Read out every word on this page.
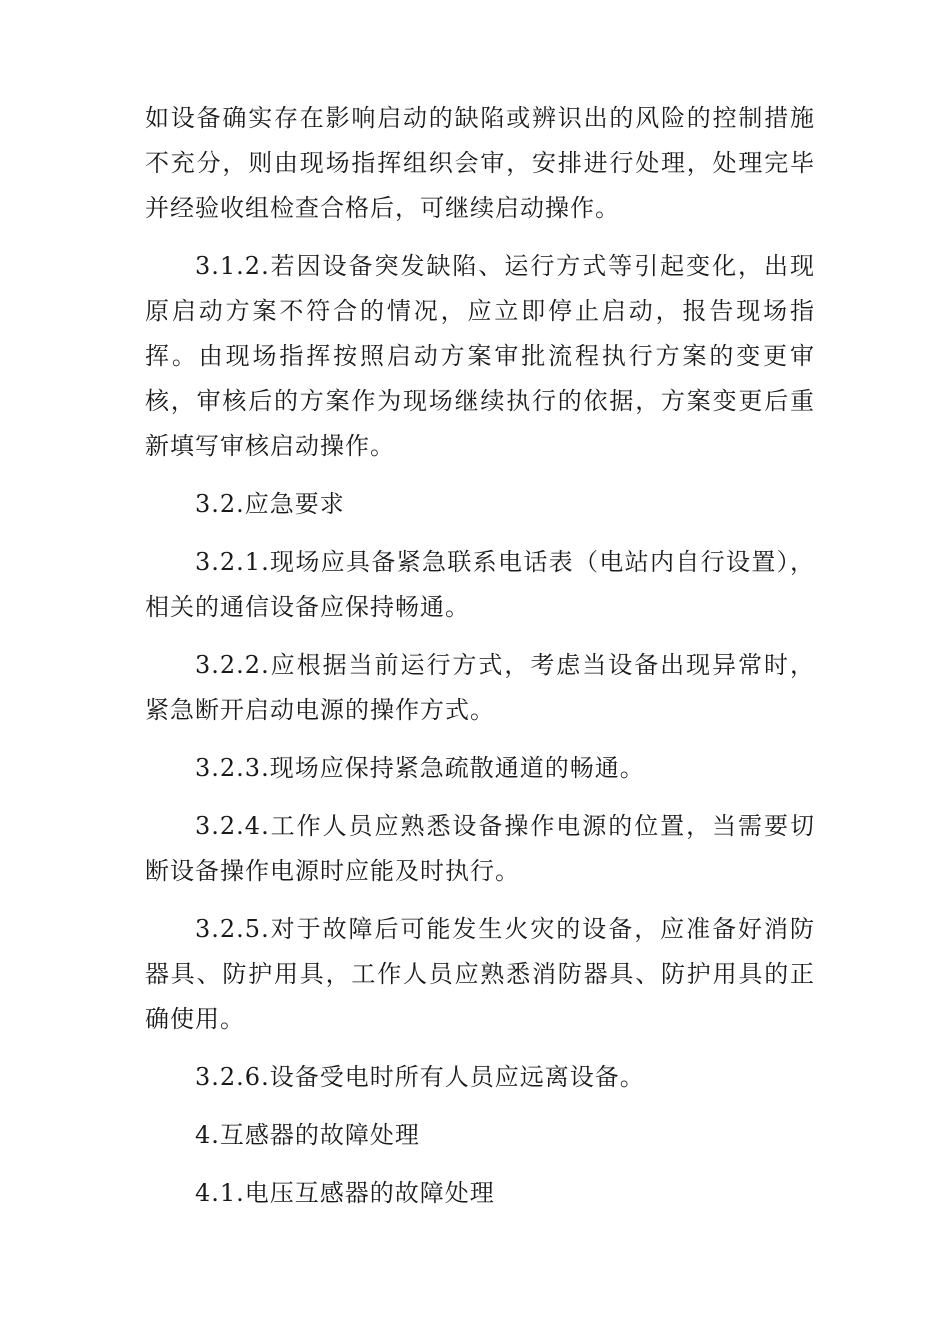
如设备确实存在影响启动的缺陷或辨识出的风险的控制措施不充分，则由现场指挥组织会审，安排进行处理，处理完毕并经验收组检查合格后，可继续启动操作。

3.1.2.若因设备突发缺陷、运行方式等引起变化，出现原启动方案不符合的情况，应立即停止启动，报告现场指挥。由现场指挥按照启动方案审批流程执行方案的变更审核，审核后的方案作为现场继续执行的依据，方案变更后重新填写审核启动操作。

3.2.应急要求

3.2.1.现场应具备紧急联系电话表（电站内自行设置），相关的通信设备应保持畅通。

3.2.2.应根据当前运行方式，考虑当设备出现异常时，紧急断开启动电源的操作方式。

3.2.3.现场应保持紧急疏散通道的畅通。

3.2.4.工作人员应熟悉设备操作电源的位置，当需要切断设备操作电源时应能及时执行。

3.2.5.对于故障后可能发生火灾的设备，应准备好消防器具、防护用具，工作人员应熟悉消防器具、防护用具的正确使用。

3.2.6.设备受电时所有人员应远离设备。

4.互感器的故障处理

4.1.电压互感器的故障处理
